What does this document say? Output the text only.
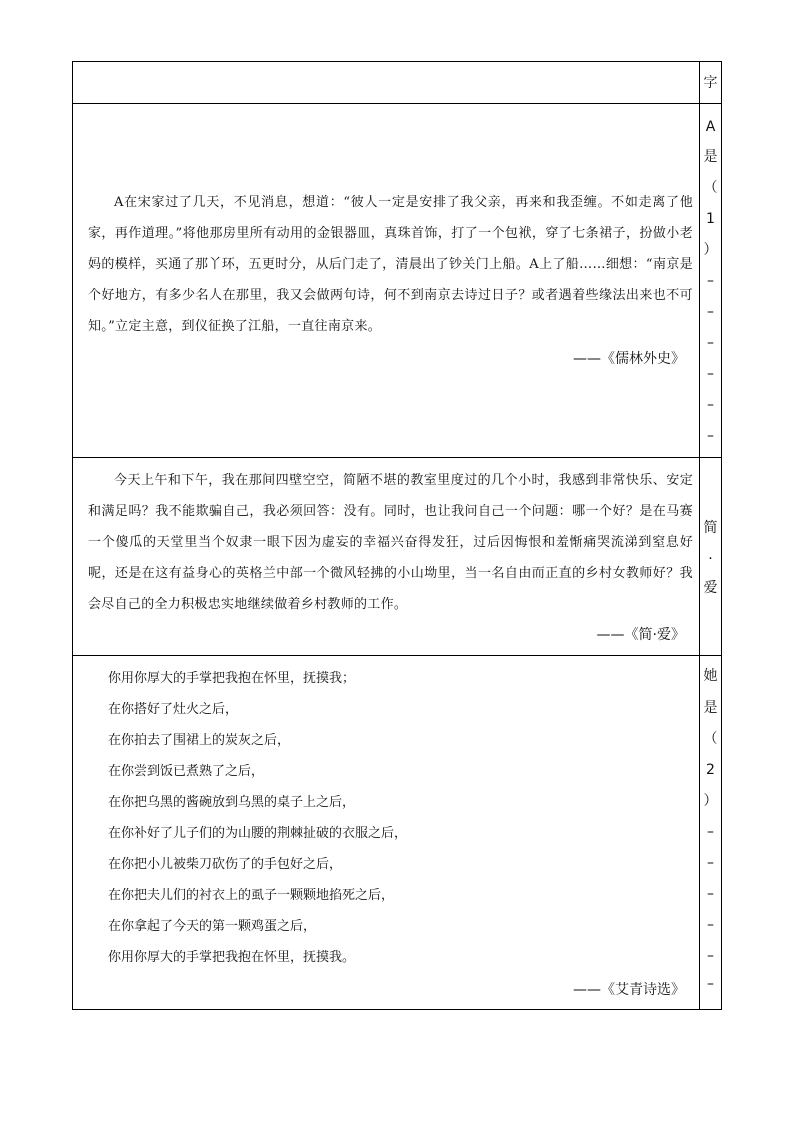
字
A在宋家过了几天，不见消息，想道：“彼人一定是安排了我父亲，再来和我歪缠。不如走离了他家，再作道理。”将他那房里所有动用的金银器皿，真珠首饰，打了一个包袱，穿了七条裙子，扮做小老妈的模样，买通了那丫环，五更时分，从后门走了，清晨出了钞关门上船。A上了船……细想：“南京是个好地方，有多少名人在那里，我又会做两句诗，何不到南京去诗过日子？或者遇着些缘法出来也不可知。”立定主意，到仪征换了江船，一直往南京来。
——《儒林外史》
A
是
（
1
）
–
–
–
–
–
–
今天上午和下午，我在那间四壁空空，简陋不堪的教室里度过的几个小时，我感到非常快乐、安定和满足吗？我不能欺骗自己，我必须回答：没有。同时，也让我问自己一个问题：哪一个好？是在马赛一个傻瓜的天堂里当个奴隶一眼下因为虚妄的幸福兴奋得发狂，过后因悔恨和羞惭痛哭流涕到窒息好呢，还是在这有益身心的英格兰中部一个微风轻拂的小山坳里，当一名自由而正直的乡村女教师好？我会尽自己的全力积极忠实地继续做着乡村教师的工作。
——《简·爱》
简
·
爱
你用你厚大的手掌把我抱在怀里，抚摸我；
在你搭好了灶火之后，
在你拍去了围裙上的炭灰之后，
在你尝到饭已煮熟了之后，
在你把乌黑的酱碗放到乌黑的桌子上之后，
在你补好了儿子们的为山腰的荆棘扯破的衣服之后，
在你把小儿被柴刀砍伤了的手包好之后，
在你把夫儿们的衬衣上的虱子一颗颗地掐死之后，
在你拿起了今天的第一颗鸡蛋之后，
你用你厚大的手掌把我抱在怀里，抚摸我。
——《艾青诗选》
她
是
（
2
）
–
–
–
–
–
–
